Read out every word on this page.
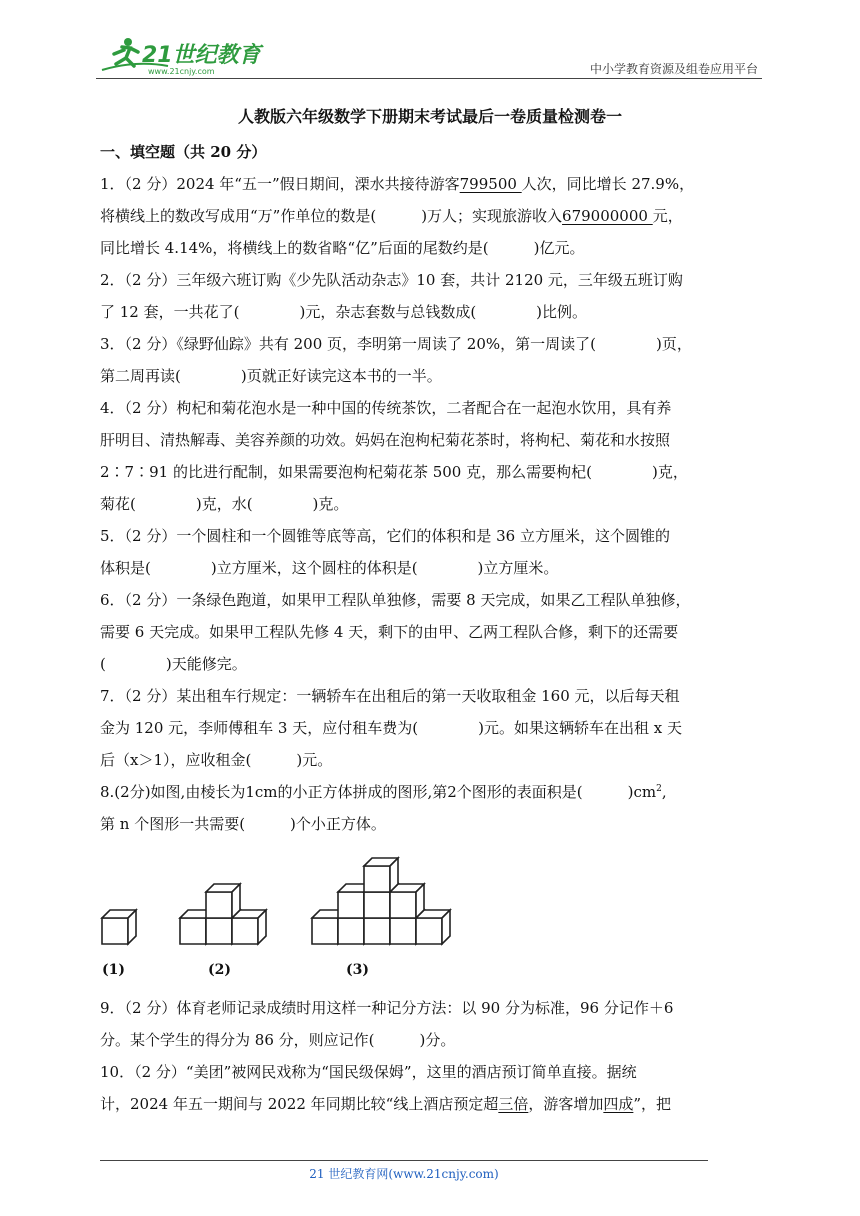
21世纪教育
www.21cnjy.com	中小学教育资源及组卷应用平台
人教版六年级数学下册期末考试最后一卷质量检测卷一
一、填空题（共 20 分）
1．（2 分）2024 年“五一”假日期间，溧水共接待游客799500 人次，同比增长 27.9%，
将横线上的数改写成用“万”作单位的数是(　　　)万人；实现旅游收入679000000 元，
同比增长 4.14%，将横线上的数省略“亿”后面的尾数约是(　　　)亿元。
2．（2 分）三年级六班订购《少先队活动杂志》10 套，共计 2120 元，三年级五班订购
了 12 套，一共花了(　　　　)元，杂志套数与总钱数成(　　　　)比例。
3．（2 分）《绿野仙踪》共有 200 页，李明第一周读了 20%，第一周读了(　　　　)页，
第二周再读(　　　　)页就正好读完这本书的一半。
4．（2 分）枸杞和菊花泡水是一种中国的传统茶饮，二者配合在一起泡水饮用，具有养
肝明目、清热解毒、美容养颜的功效。妈妈在泡枸杞菊花茶时，将枸杞、菊花和水按照
2∶7∶91 的比进行配制，如果需要泡枸杞菊花茶 500 克，那么需要枸杞(　　　　)克，
菊花(　　　　)克，水(　　　　)克。
5．（2 分）一个圆柱和一个圆锥等底等高，它们的体积和是 36 立方厘米，这个圆锥的
体积是(　　　　)立方厘米，这个圆柱的体积是(　　　　)立方厘米。
6．（2 分）一条绿色跑道，如果甲工程队单独修，需要 8 天完成，如果乙工程队单独修，
需要 6 天完成。如果甲工程队先修 4 天，剩下的由甲、乙两工程队合修，剩下的还需要
(　　　　)天能修完。
7．（2 分）某出租车行规定：一辆轿车在出租后的第一天收取租金 160 元，以后每天租
金为 120 元，李师傅租车 3 天，应付租车费为(　　　　)元。如果这辆轿车在出租 x 天
后（x＞1），应收租金(　　　)元。
8.(2分)如图,由棱长为1cm的小正方体拼成的图形,第2个图形的表面积是(　　　)$cm^2$,
第 n 个图形一共需要(　　　)个小正方体。
(1)	(2)	(3)
9．（2 分）体育老师记录成绩时用这样一种记分方法：以 90 分为标准，96 分记作＋6
分。某个学生的得分为 86 分，则应记作(　　　)分。
10．（2 分）“美团”被网民戏称为“国民级保姆”，这里的酒店预订简单直接。据统
计，2024 年五一期间与 2022 年同期比较“线上酒店预定超三倍，游客增加四成”，把
21 世纪教育网(www.21cnjy.com)
